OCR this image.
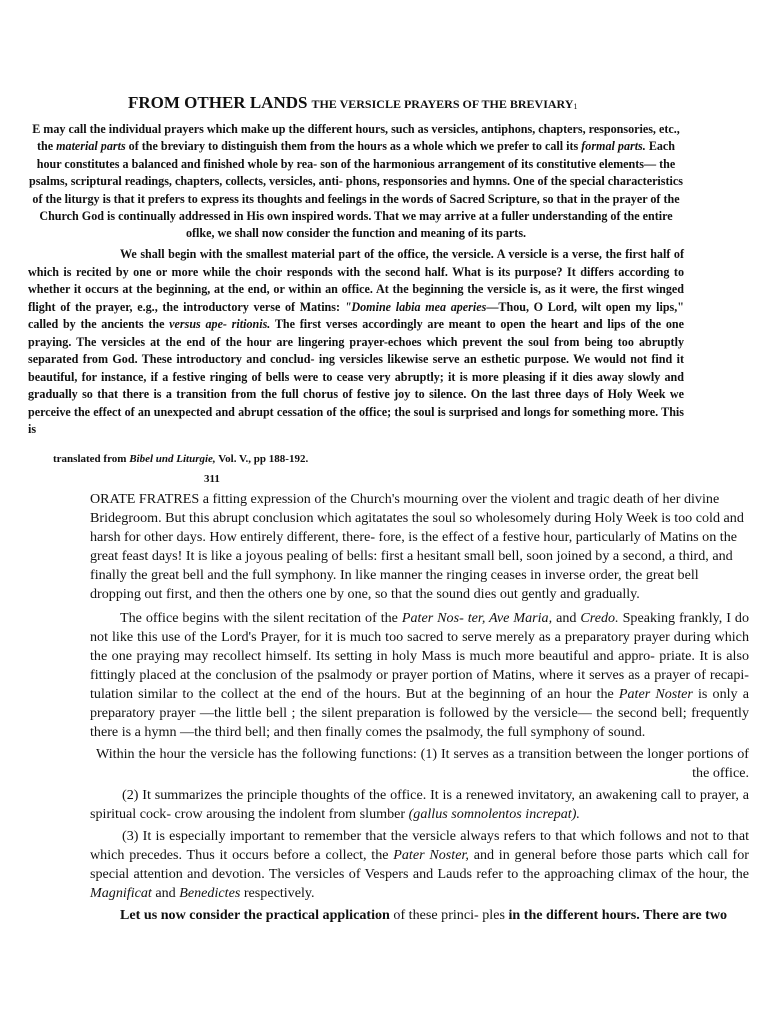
FROM OTHER LANDS THE VERSICLE PRAYERS OF THE BREVIARY$^1$
E may call the individual prayers which make up the different hours, such as versicles, antiphons, chapters, responsories, etc., the material parts of the breviary to distinguish them from the hours as a whole which we prefer to call its formal parts. Each hour constitutes a balanced and finished whole by rea- son of the harmonious arrangement of its constitutive elements— the psalms, scriptural readings, chapters, collects, versicles, anti- phons, responsories and hymns. One of the special characteristics of the liturgy is that it prefers to express its thoughts and feelings in the words of Sacred Scripture, so that in the prayer of the Church God is continually addressed in His own inspired words. That we may arrive at a fuller understanding of the entire oflke, we shall now consider the function and meaning of its parts.
We shall begin with the smallest material part of the office, the versicle. A versicle is a verse, the first half of which is recited by one or more while the choir responds with the second half. What is its purpose? It differs according to whether it occurs at the beginning, at the end, or within an office. At the beginning the versicle is, as it were, the first winged flight of the prayer, e.g., the introductory verse of Matins: "Domine labia mea aperies—Thou, O Lord, wilt open my lips," called by the ancients the versus ape- ritionis. The first verses accordingly are meant to open the heart and lips of the one praying. The versicles at the end of the hour are lingering prayer-echoes which prevent the soul from being too abruptly separated from God. These introductory and conclud- ing versicles likewise serve an esthetic purpose. We would not find it beautiful, for instance, if a festive ringing of bells were to cease very abruptly; it is more pleasing if it dies away slowly and gradually so that there is a transition from the full chorus of festive joy to silence. On the last three days of Holy Week we perceive the effect of an unexpected and abrupt cessation of the office; the soul is surprised and longs for something more. This is
translated from Bibel und Liturgie, Vol. V., pp 188-192.
311

ORATE FRATRES a fitting expression of the Church's mourning over the violent and tragic death of her divine Bridegroom. But this abrupt conclusion which agitatates the soul so wholesomely during Holy Week is too cold and harsh for other days. How entirely different, there- fore, is the effect of a festive hour, particularly of Matins on the great feast days! It is like a joyous pealing of bells: first a hesitant small bell, soon joined by a second, a third, and finally the great bell and the full symphony. In like manner the ringing ceases in inverse order, the great bell dropping out first, and then the others one by one, so that the sound dies out gently and gradually.

The office begins with the silent recitation of the Pater Nos- ter, Ave Maria, and Credo. Speaking frankly, I do not like this use of the Lord's Prayer, for it is much too sacred to serve merely as a preparatory prayer during which the one praying may recollect himself. Its setting in holy Mass is much more beautiful and appro- priate. It is also fittingly placed at the conclusion of the psalmody or prayer portion of Matins, where it serves as a prayer of recapi- tulation similar to the collect at the end of the hours. But at the beginning of an hour the Pater Noster is only a preparatory prayer —the little bell ; the silent preparation is followed by the versicle— the second bell; frequently there is a hymn —the third bell; and then finally comes the psalmody, the full symphony of sound.

Within the hour the versicle has the following functions: (1) It serves as a transition between the longer portions of the office.

(2) It summarizes the principle thoughts of the office. It is a renewed invitatory, an awakening call to prayer, a spiritual cock- crow arousing the indolent from slumber (gallus somnolentos increpat).

(3) It is especially important to remember that the versicle always refers to that which follows and not to that which precedes. Thus it occurs before a collect, the Pater Noster, and in general before those parts which call for special attention and devotion. The versicles of Vespers and Lauds refer to the approaching climax of the hour, the Magnificat and Benedictes respectively.

Let us now consider the practical application of these princi- ples in the different hours. There are two
